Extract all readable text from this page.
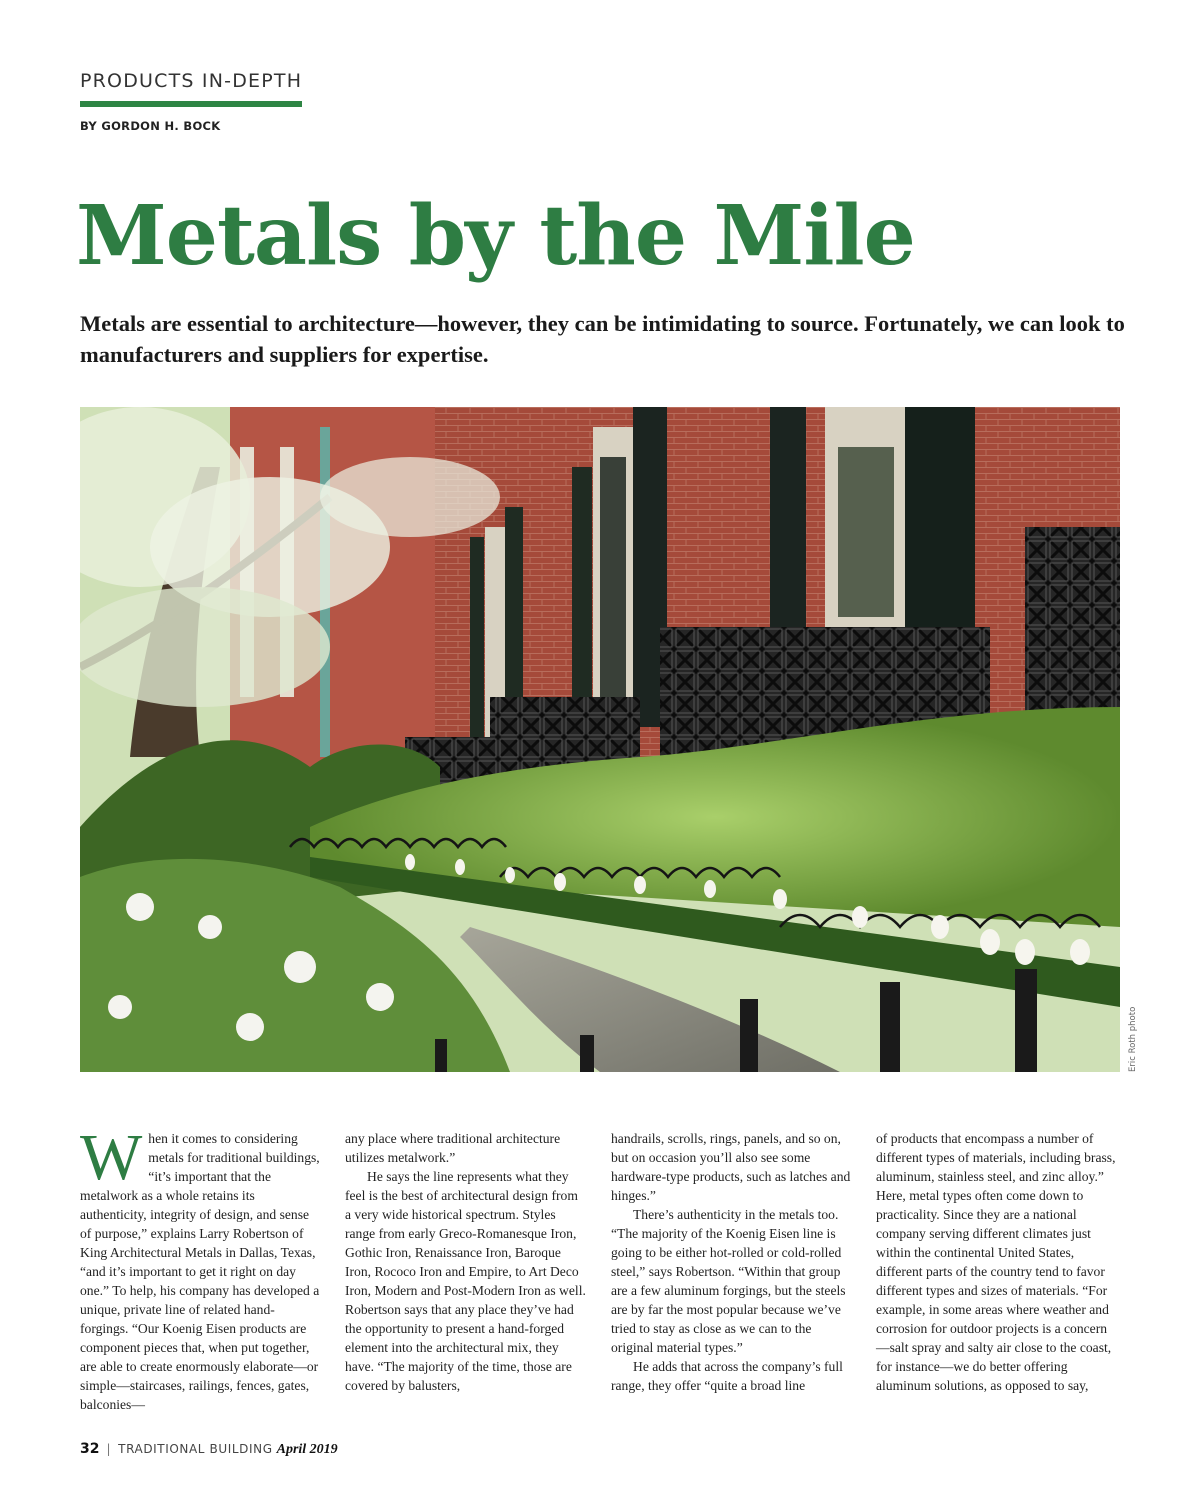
PRODUCTS IN-DEPTH
BY GORDON H. BOCK
Metals by the Mile

Metals are essential to architecture—however, they can be intimidating to source. Fortunately, we can look to manufacturers and suppliers for expertise.

Eric Roth photo

When it comes to considering metals for traditional buildings, “it’s important that the metalwork as a whole retains its authenticity, integrity of design, and sense of purpose,” explains Larry Robertson of King Architectural Metals in Dallas, Texas, “and it’s important to get it right on day one.” To help, his company has developed a unique, private line of related hand-forgings. “Our Koenig Eisen products are component pieces that, when put together, are able to create enormously elaborate—or simple—staircases, railings, fences, gates, balconies—

any place where traditional architecture utilizes metalwork.”

He says the line represents what they feel is the best of architectural design from a very wide historical spectrum. Styles range from early Greco-Romanesque Iron, Gothic Iron, Renaissance Iron, Baroque Iron, Rococo Iron and Empire, to Art Deco Iron, Modern and Post-Modern Iron as well. Robertson says that any place they’ve had the opportunity to present a hand-forged element into the architectural mix, they have. “The majority of the time, those are covered by balusters,

handrails, scrolls, rings, panels, and so on, but on occasion you’ll also see some hardware-type products, such as latches and hinges.”

There’s authenticity in the metals too. “The majority of the Koenig Eisen line is going to be either hot-rolled or cold-rolled steel,” says Robertson. “Within that group are a few aluminum forgings, but the steels are by far the most popular because we’ve tried to stay as close as we can to the original material types.”

He adds that across the company’s full range, they offer “quite a broad line

of products that encompass a number of different types of materials, including brass, aluminum, stainless steel, and zinc alloy.” Here, metal types often come down to practicality. Since they are a national company serving different climates just within the continental United States, different parts of the country tend to favor different types and sizes of materials. “For example, in some areas where weather and corrosion for outdoor projects is a concern—salt spray and salty air close to the coast, for instance—we do better offering aluminum solutions, as opposed to say,

32 | TRADITIONAL BUILDING April 2019
